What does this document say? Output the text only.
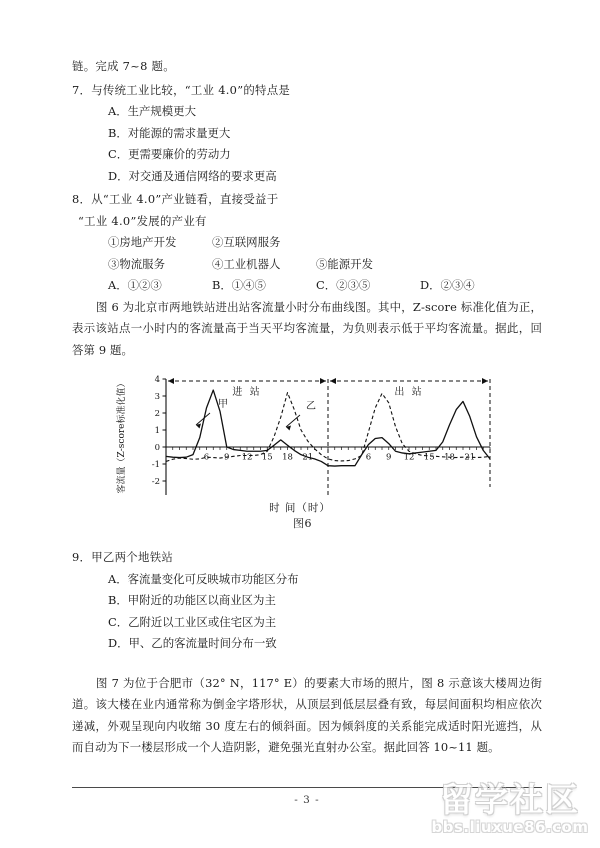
链。完成 7~8 题。
7．与传统工业比较，“工业 4.0”的特点是
A．生产规模更大
B．对能源的需求量更大
C．更需要廉价的劳动力
D．对交通及通信网络的要求更高
8．从“工业 4.0”产业链看，直接受益于
“工业 4.0”发展的产业有
①房地产开发	②互联网服务
③物流服务	④工业机器人	⑤能源开发
A．①②③	B．①④⑤	C．②③⑤	D．②③④
图 6 为北京市两地铁站进出站客流量小时分布曲线图。其中，Z-score 标准化值为正，表示该站点一小时内的客流量高于当天平均客流量，为负则表示低于平均客流量。据此，回答第 9 题。
4
3
2
1
0
-1
-2
6 9 12 15 18 21	6 9 12 15 18 21
进 站	出 站
甲	乙
时 间（时）
客流量（Z-score标准化值）
图6
9．甲乙两个地铁站
A．客流量变化可反映城市功能区分布
B．甲附近的功能区以商业区为主
C．乙附近以工业区或住宅区为主
D．甲、乙的客流量时间分布一致
图 7 为位于合肥市（32° N，117° E）的要素大市场的照片，图 8 示意该大楼周边街道。该大楼在业内通常称为倒金字塔形状，从顶层到低层层叠有致，每层间面积均相应依次递减，外观呈现向内收缩 30 度左右的倾斜面。因为倾斜度的关系能完成适时阳光遮挡，从而自动为下一楼层形成一个人造阴影，避免强光直射办公室。据此回答 10~11 题。
- 3 -	留学社区
bbs.liuxue86.com
